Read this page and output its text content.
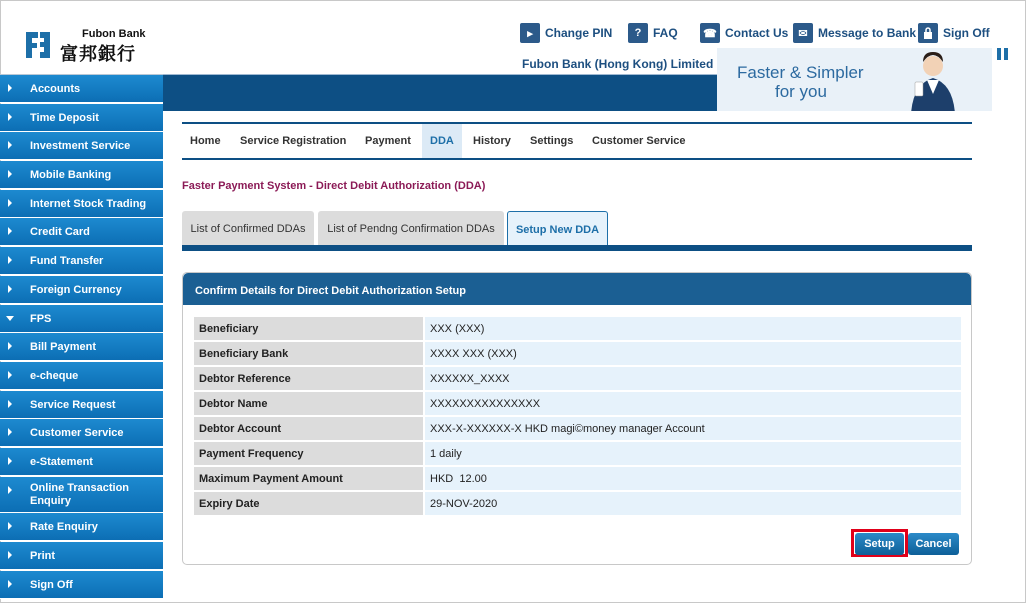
Fubon Bank
富邦銀行
▸	Change PIN	? FAQ ☎ Contact Us ✉ Message to Bank Sign Off
Fubon Bank (Hong Kong) Limited Faster & Simpler
for you
Accounts
Time Deposit
Investment Service
Mobile Banking
Internet Stock Trading
Credit Card
Fund Transfer
Foreign Currency
FPS
Bill Payment
e-cheque
Service Request
Customer Service
e-Statement
Online Transaction Enquiry
Rate Enquiry
Print
Sign Off
Home Service Registration Payment	DDA	History Settings Customer Service
Faster Payment System - Direct Debit Authorization (DDA)
List of Confirmed DDAs	List of Pendng Confirmation DDAs	Setup New DDA
Confirm Details for Direct Debit Authorization Setup
Beneficiary	XXX (XXX)
Beneficiary Bank	XXXX XXX (XXX)
Debtor Reference	XXXXXX_XXXX
Debtor Name	XXXXXXXXXXXXXXX
Debtor Account	XXX-X-XXXXXX-X HKD magi©money manager Account
Payment Frequency	1 daily
Maximum Payment Amount	HKD  12.00
Expiry Date	29-NOV-2020
Setup	Cancel
